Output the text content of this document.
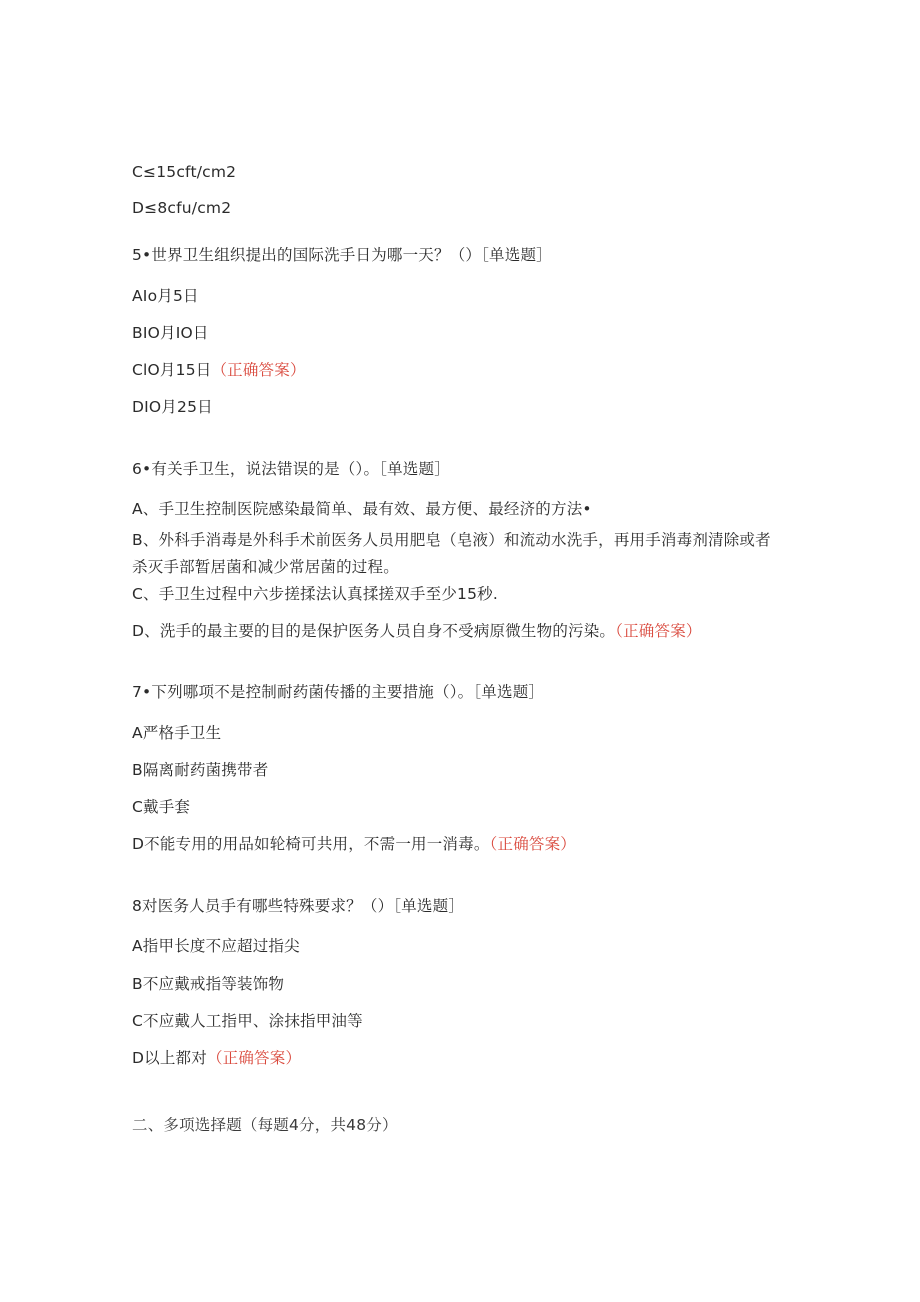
C≤15cft/cm2
D≤8cfu/cm2
5•世界卫生组织提出的国际洗手日为哪一天？（）［单选题］
AIo月5日
BIO月IO日
ClO月15日（正确答案）
DIO月25日
6•有关手卫生，说法错误的是（）。［单选题］
A、手卫生控制医院感染最简单、最有效、最方便、最经济的方法•
B、外科手消毒是外科手术前医务人员用肥皂（皂液）和流动水洗手，再用手消毒剂清除或者杀灭手部暂居菌和减少常居菌的过程。
C、手卫生过程中六步搓揉法认真揉搓双手至少15秒.
D、洗手的最主要的目的是保护医务人员自身不受病原微生物的污染。（正确答案）
7•下列哪项不是控制耐药菌传播的主要措施（）。［单选题］
A严格手卫生
B隔离耐药菌携带者
C戴手套
D不能专用的用品如轮椅可共用，不需一用一消毒。（正确答案）
8对医务人员手有哪些特殊要求？（）［单选题］
A指甲长度不应超过指尖
B不应戴戒指等装饰物
C不应戴人工指甲、涂抹指甲油等
D以上都对（正确答案）
二、多项选择题（每题4分，共48分）
